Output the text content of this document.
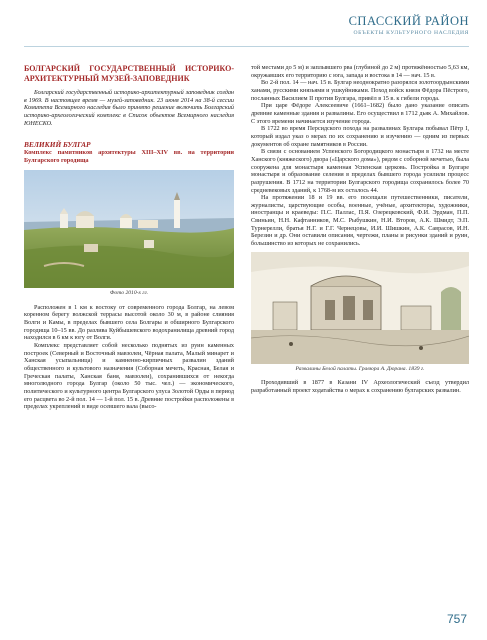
СПАССКИЙ РАЙОН
ОБЪЕКТЫ КУЛЬТУРНОГО НАСЛЕДИЯ
БОЛГАРСКИЙ ГОСУДАРСТВЕННЫЙ ИСТОРИКО-АРХИТЕКТУРНЫЙ МУЗЕЙ-ЗАПОВЕДНИК

Болгарский государственный историко-архитектурный заповедник создан в 1969. В настоящее время — музей-заповедник. 23 июня 2014 на 38-й сессии Комитета Всемирного наследия было принято решение включить Болгарский историко-археологический комплекс в Список объектов Всемирного наследия ЮНЕСКО.

ВЕЛИКИЙ БУЛГАР
Комплекс памятников архитектуры XIII–XIV вв. на территории Булгарского городища
Фото 2010-х гг.

Расположен в 1 км к востоку от современного города Болгар, на левом коренном берегу волжской террасы высотой около 30 м, в районе слияния Волги и Камы, в пределах бывшего села Болгары и обширного Булгарского городища 10–15 вв. До разлива Куйбышевского водохранилища древний город находился в 6 км к югу от Волги.

Комплекс представляет собой несколько поднятых из руин каменных построек (Северный и Восточный мавзолеи, Чёрная палата, Малый минарет и Ханская усыпальница) и камненно-кирпичных развалин зданий общественного и культового назначения (Соборная мечеть, Красная, Белая и Греческая палаты, Ханская баня, мавзолеи), сохранившихся от некогда многолюдного города Булгар (около 50 тыс. чел.) — экономического, политического и культурного центра Булгарского улуса Золотой Орды в период его расцвета во 2-й пол. 14 — 1-й пол. 15 в. Древние постройки расположены в пределах укреплений в виде осевшего вала (высо-

той местами до 5 м) и заплывшего рва (глубиной до 2 м) протяжённостью 5,63 км, окружавших его территорию с юга, запада и востока в 14 — нач. 15 в.

Во 2-й пол. 14 — нач. 15 в. Булгар неоднократно разорялся золотоордынскими ханами, русскими князьями и ушкуйниками. Поход войск князя Фёдора Пёстрого, посланных Василием II против Булгара, привёл в 15 в. к гибели города.

При царе Фёдоре Алексеевиче (1661–1682) было дано указание описать древние каменные здания и развалины. Его осуществил в 1712 дьяк А. Михайлов. С этого времени начинается изучение города.

В 1722 во время Персидского похода на развалинах Булгара побывал Пётр I, который издал указ о мерах по их сохранению и изучению — одним из первых документов об охране памятников в России.

В связи с основанием Успенского Богородицкого монастыря в 1732 на месте Ханского (княжеского) двора («Царского дома»), рядом с соборной мечетью, была сооружена для монастыря каменная Успенская церковь. Постройка в Булгаре монастыря и образование селения в пределах бывшего города усилили процесс разрушения. В 1712 на территории Булгарского городища сохранилось более 70 средневековых зданий, к 1768-м их осталось 44.

На протяжении 18 и 19 вв. его посещали путешественники, писатели, журналисты, царствующие особы, военные, учёные, архитекторы, художники, иностранцы и краеведы: П.С. Паллас, П.Я. Озерецковский, Ф.И. Эрдман, П.П. Свиньин, Н.Н. Кафтанников, М.С. Рыбушкин, Н.И. Второв, А.К. Шмидт, Э.П. Турнерелли, братья Н.Г. и Г.Г. Чернецовы, И.И. Шишкин, А.К. Саврасов, И.Н. Березин и др. Они оставили описания, чертежи, планы и рисунки зданий и руин, большинство из которых не сохранились.

Развалины Белой палаты. Гравюра А. Дюрана. 1839 г.

Проходивший в 1877 в Казани IV Археологический съезд утвердил разработанный проект ходатайства о мерах к сохранению булгарских развалин.

757
